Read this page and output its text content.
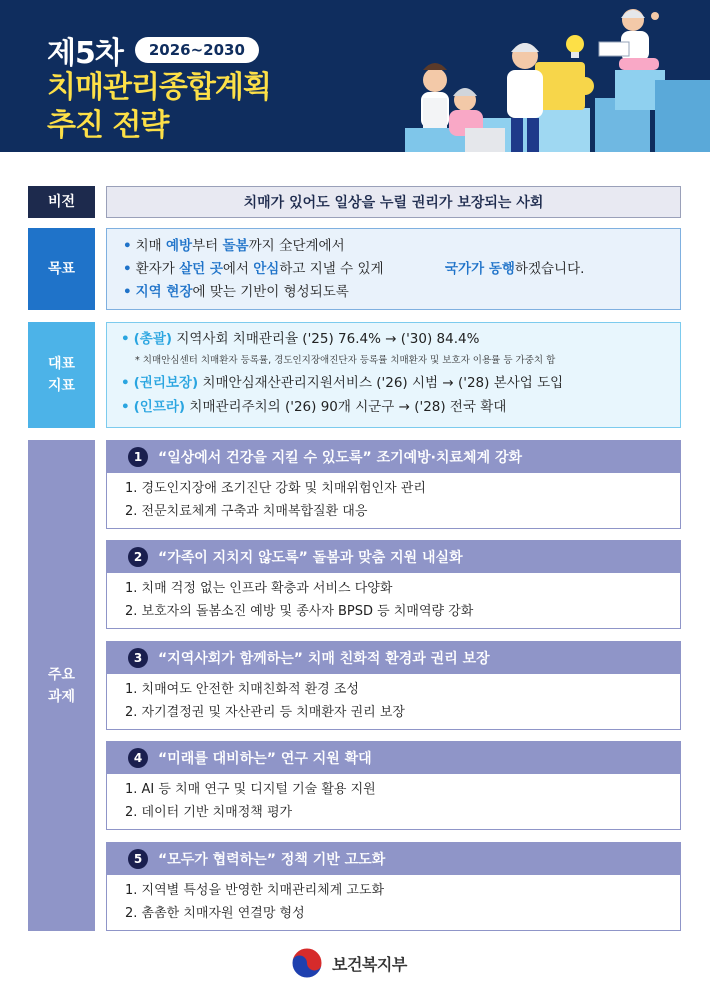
제5차	2026~2030
치매관리종합계획
추진 전략
비전	치매가 있어도 일상을 누릴 권리가 보장되는 사회
목표
• 치매 예방부터 돌봄까지 全단계에서
• 환자가 살던 곳에서 안심하고 지낼 수 있게	국가가 동행하겠습니다.
• 지역 현장에 맞는 기반이 형성되도록
대표
지표
• (총괄) 지역사회 치매관리율 ('25) 76.4% → ('30) 84.4%
* 치매안심센터 치매환자 등록률, 경도인지장애진단자 등록률 치매환자 및 보호자 이용률 등 가중치 합
• (권리보장) 치매안심재산관리지원서비스 ('26) 시범 → ('28) 본사업 도입
• (인프라) 치매관리주치의 ('26) 90개 시군구 → ('28) 전국 확대
주요
과제
1	“일상에서 건강을 지킬 수 있도록” 조기예방·치료체계 강화
1. 경도인지장애 조기진단 강화 및 치매위험인자 관리
2. 전문치료체계 구축과 치매복합질환 대응
2	“가족이 지치지 않도록” 돌봄과 맞춤 지원 내실화
1. 치매 걱정 없는 인프라 확충과 서비스 다양화
2. 보호자의 돌봄소진 예방 및 종사자 BPSD 등 치매역량 강화
3	“지역사회가 함께하는” 치매 친화적 환경과 권리 보장
1. 치매여도 안전한 치매친화적 환경 조성
2. 자기결정권 및 자산관리 등 치매환자 권리 보장
4	“미래를 대비하는” 연구 지원 확대
1. AI 등 치매 연구 및 디지털 기술 활용 지원
2. 데이터 기반 치매정책 평가
5	“모두가 협력하는” 정책 기반 고도화
1. 지역별 특성을 반영한 치매관리체계 고도화
2. 촘촘한 치매자원 연결망 형성
보건복지부
